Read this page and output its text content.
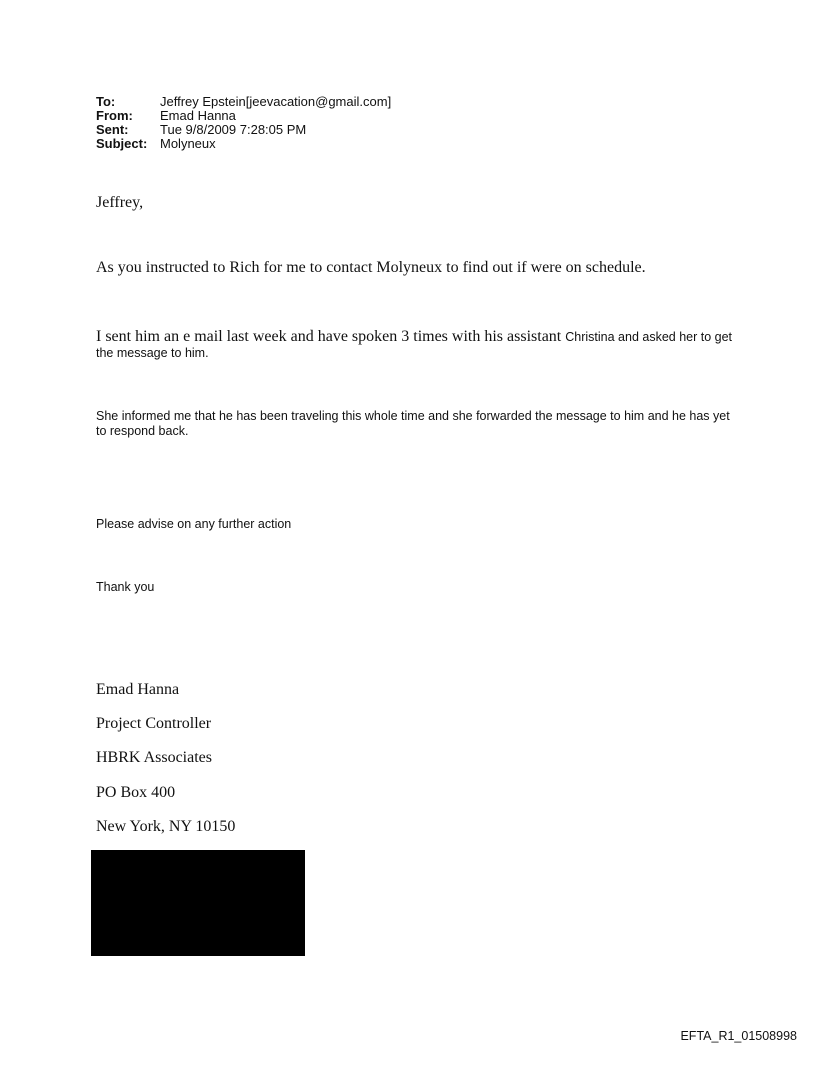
To:	Jeffrey Epstein[jeevacation@gmail.com]
From:	Emad Hanna
Sent:	Tue 9/8/2009 7:28:05 PM
Subject: Molyneux
Jeffrey,
As you instructed to Rich for me to contact Molyneux to find out if were on schedule.
I sent him an e mail last week and have spoken 3 times with his assistant Christina and asked her to get the message to him.
She informed me that he has been traveling this whole time and she forwarded the message to him and he has yet to respond back.
Please advise on any further action
Thank you
Emad Hanna
Project Controller
HBRK Associates
PO Box 400
New York, NY 10150
EFTA_R1_01508998
